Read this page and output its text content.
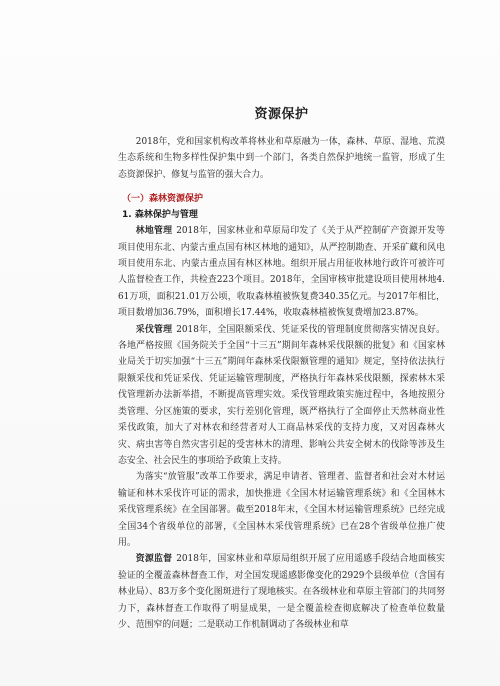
资源保护

2018年，党和国家机构改革将林业和草原融为一体，森林、草原、湿地、荒漠生态系统和生物多样性保护集中到一个部门，各类自然保护地统一监管，形成了生态资源保护、修复与监管的强大合力。

（一）森林资源保护
1. 森林保护与管理

林地管理 2018年，国家林业和草原局印发了《关于从严控制矿产资源开发等项目使用东北、内蒙古重点国有林区林地的通知》，从严控制勘查、开采矿藏和风电项目使用东北、内蒙古重点国有林区林地。组织开展占用征收林地行政许可被许可人监督检查工作，共检查223个项目。2018年，全国审核审批建设项目使用林地4.61万项，面积21.01万公顷，收取森林植被恢复费340.35亿元。与2017年相比，项目数增加36.79%，面积增长17.44%，收取森林植被恢复费增加23.87%。

采伐管理 2018年，全国限额采伐、凭证采伐的管理制度贯彻落实情况良好。各地严格按照《国务院关于全国“十三五”期间年森林采伐限额的批复》和《国家林业局关于切实加强“十三五”期间年森林采伐限额管理的通知》规定，坚持依法执行限额采伐和凭证采伐、凭证运输管理制度，严格执行年森林采伐限额，探索林木采伐管理新办法新举措，不断提高管理实效。采伐管理政策实施过程中，各地按照分类管理、分区施策的要求，实行差别化管理，既严格执行了全面停止天然林商业性采伐政策，加大了对林农和经营者对人工商品林采伐的支持力度，又对因森林火灾、病虫害等自然灾害引起的受害林木的清理、影响公共安全树木的伐除等涉及生态安全、社会民生的事项给予政策上支持。

为落实“放管服”改革工作要求，满足申请者、管理者、监督者和社会对木材运输证和林木采伐许可证的需求，加快推进《全国木材运输管理系统》和《全国林木采伐管理系统》在全国部署。截至2018年末，《全国木材运输管理系统》已经完成全国34个省级单位的部署，《全国林木采伐管理系统》已在28个省级单位推广使用。

资源监督 2018年，国家林业和草原局组织开展了应用遥感手段结合地面核实验证的全覆盖森林督查工作，对全国发现遥感影像变化的2929个县级单位（含国有林业局）、83万多个变化图斑进行了现地核实。在各级林业和草原主管部门的共同努力下，森林督查工作取得了明显成果，一是全覆盖检查彻底解决了检查单位数量少、范围窄的问题；二是联动工作机制调动了各级林业和草
